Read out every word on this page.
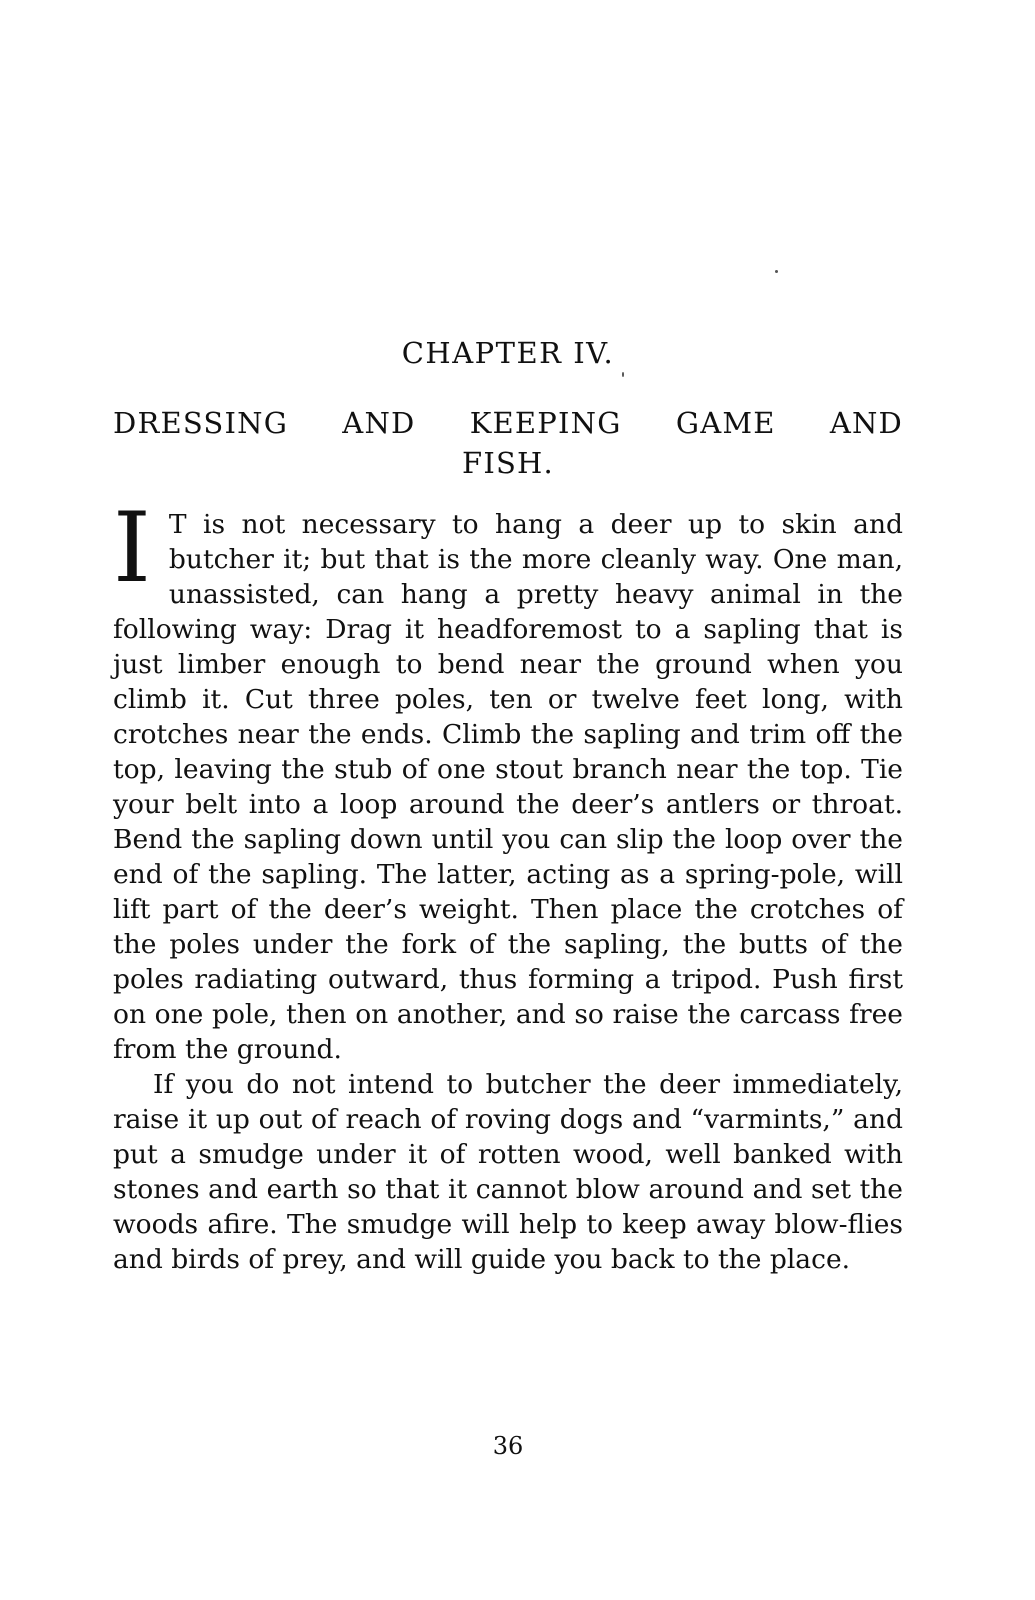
CHAPTER IV.
DRESSING AND KEEPING GAME AND
FISH.

I T is not necessary to hang a deer up to skin and butcher it; but that is the more cleanly way. One man, unassisted, can hang a pretty heavy animal in the following way: Drag it headforemost to a sapling that is just limber enough to bend near the ground when you climb it. Cut three poles, ten or twelve feet long, with crotches near the ends. Climb the sapling and trim off the top, leaving the stub of one stout branch near the top. Tie your belt into a loop around the deer’s antlers or throat. Bend the sapling down until you can slip the loop over the end of the sapling. The latter, acting as a spring-pole, will lift part of the deer’s weight. Then place the crotches of the poles under the fork of the sapling, the butts of the poles radiating outward, thus forming a tripod. Push first on one pole, then on another, and so raise the carcass free from the ground.

If you do not intend to butcher the deer immediately, raise it up out of reach of roving dogs and “varmints,” and put a smudge under it of rotten wood, well banked with stones and earth so that it cannot blow around and set the woods afire. The smudge will help to keep away blow-flies and birds of prey, and will guide you back to the place.

36
